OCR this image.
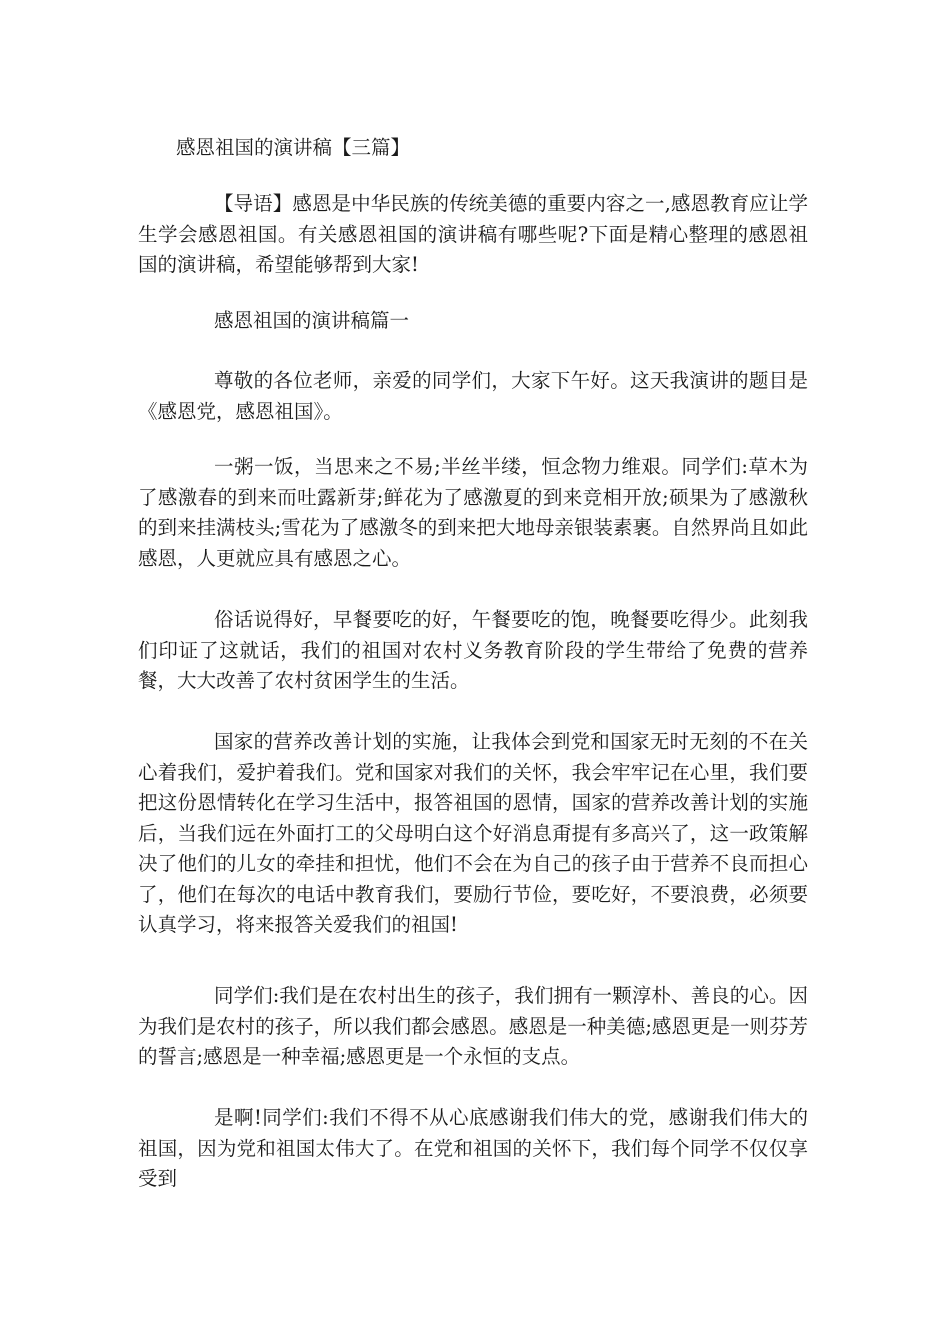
感恩祖国的演讲稿【三篇】

【导语】感恩是中华民族的传统美德的重要内容之一,感恩教育应让学生学会感恩祖国。有关感恩祖国的演讲稿有哪些呢?下面是精心整理的感恩祖国的演讲稿，希望能够帮到大家!

感恩祖国的演讲稿篇一

尊敬的各位老师，亲爱的同学们，大家下午好。这天我演讲的题目是《感恩党，感恩祖国》。

一粥一饭，当思来之不易;半丝半缕，恒念物力维艰。同学们:草木为了感激春的到来而吐露新芽;鲜花为了感激夏的到来竞相开放;硕果为了感激秋的到来挂满枝头;雪花为了感激冬的到来把大地母亲银装素裹。自然界尚且如此感恩，人更就应具有感恩之心。

俗话说得好，早餐要吃的好，午餐要吃的饱，晚餐要吃得少。此刻我们印证了这就话，我们的祖国对农村义务教育阶段的学生带给了免费的营养餐，大大改善了农村贫困学生的生活。

国家的营养改善计划的实施，让我体会到党和国家无时无刻的不在关心着我们，爱护着我们。党和国家对我们的关怀，我会牢牢记在心里，我们要把这份恩情转化在学习生活中，报答祖国的恩情，国家的营养改善计划的实施后，当我们远在外面打工的父母明白这个好消息甭提有多高兴了，这一政策解决了他们的儿女的牵挂和担忧，他们不会在为自己的孩子由于营养不良而担心了，他们在每次的电话中教育我们，要励行节俭，要吃好，不要浪费，必须要认真学习，将来报答关爱我们的祖国!

同学们:我们是在农村出生的孩子，我们拥有一颗淳朴、善良的心。因为我们是农村的孩子，所以我们都会感恩。感恩是一种美德;感恩更是一则芬芳的誓言;感恩是一种幸福;感恩更是一个永恒的支点。

是啊!同学们:我们不得不从心底感谢我们伟大的党，感谢我们伟大的祖国，因为党和祖国太伟大了。在党和祖国的关怀下，我们每个同学不仅仅享受到
